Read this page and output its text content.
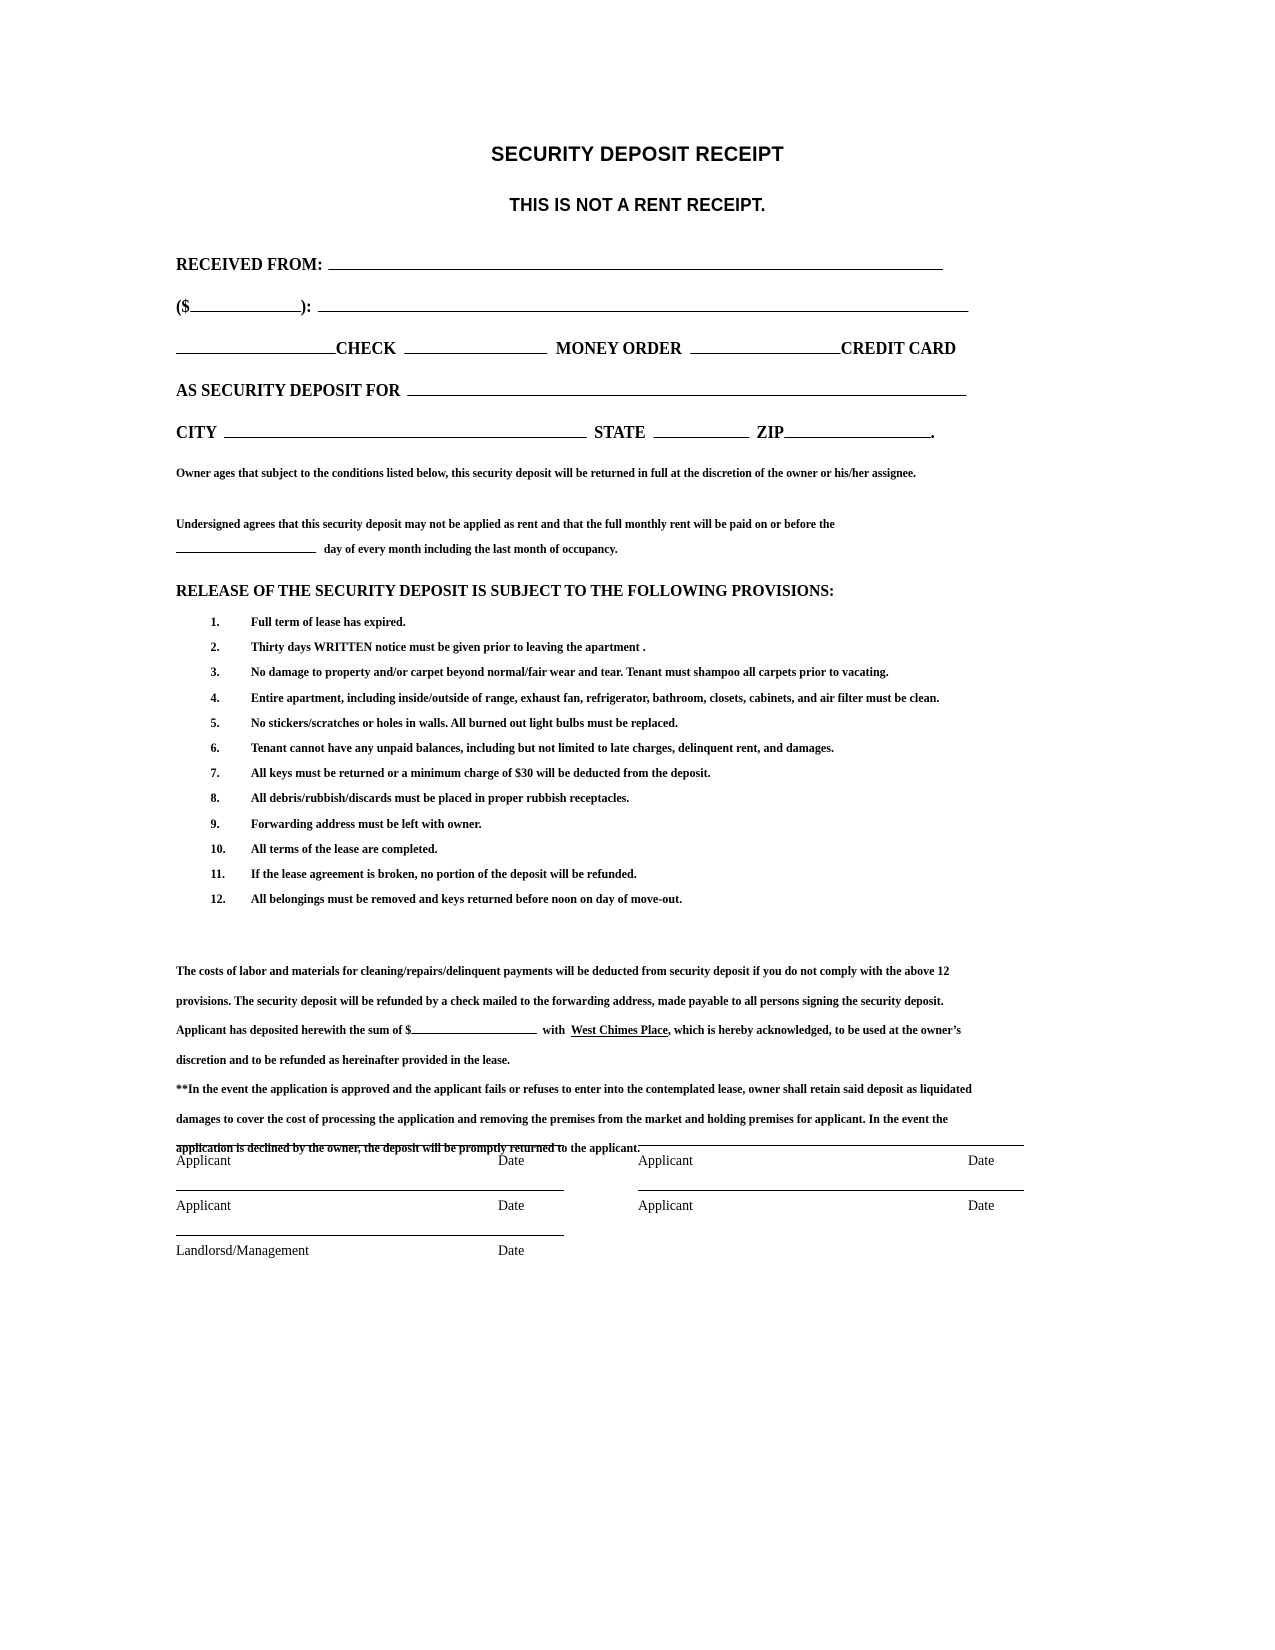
SECURITY DEPOSIT RECEIPT
THIS IS NOT A RENT RECEIPT.
RECEIVED FROM:
($	):
CHECK	MONEY ORDER	CREDIT CARD
AS SECURITY DEPOSIT FOR
CITY	STATE	ZIP	.
Owner ages that subject to the conditions listed below, this security deposit will be returned in full at the discretion of the owner or his/her assignee.
Undersigned agrees that this security deposit may not be applied as rent and that the full monthly rent will be paid on or before the
day of every month including the last month of occupancy.
RELEASE OF THE SECURITY DEPOSIT IS SUBJECT TO THE FOLLOWING PROVISIONS:
1.	Full term of lease has expired.
2.	Thirty days WRITTEN notice must be given prior to leaving the apartment .
3.	No damage to property and/or carpet beyond normal/fair wear and tear. Tenant must shampoo all carpets prior to vacating.
4.	Entire apartment, including inside/outside of range, exhaust fan, refrigerator, bathroom, closets, cabinets, and air filter must be clean.
5.	No stickers/scratches or holes in walls. All burned out light bulbs must be replaced.
6.	Tenant cannot have any unpaid balances, including but not limited to late charges, delinquent rent, and damages.
7.	All keys must be returned or a minimum charge of $30 will be deducted from the deposit.
8.	All debris/rubbish/discards must be placed in proper rubbish receptacles.
9.	Forwarding address must be left with owner.
10.	All terms of the lease are completed.
11.	If the lease agreement is broken, no portion of the deposit will be refunded.
12.	All belongings must be removed and keys returned before noon on day of move-out.

The costs of labor and materials for cleaning/repairs/delinquent payments will be deducted from security deposit if you do not comply with the above 12 provisions. The security deposit will be refunded by a check mailed to the forwarding address, made payable to all persons signing the security deposit. Applicant has deposited herewith the sum of $	with West Chimes Place, which is hereby acknowledged, to be used at the owner’s discretion and to be refunded as hereinafter provided in the lease.

**In the event the application is approved and the applicant fails or refuses to enter into the contemplated lease, owner shall retain said deposit as liquidated damages to cover the cost of processing the application and removing the premises from the market and holding premises for applicant. In the event the application is declined by the owner, the deposit will be promptly returned to the applicant.

Applicant	Date	Applicant	Date
Applicant	Date	Applicant	Date
Landlorsd/Management	Date
